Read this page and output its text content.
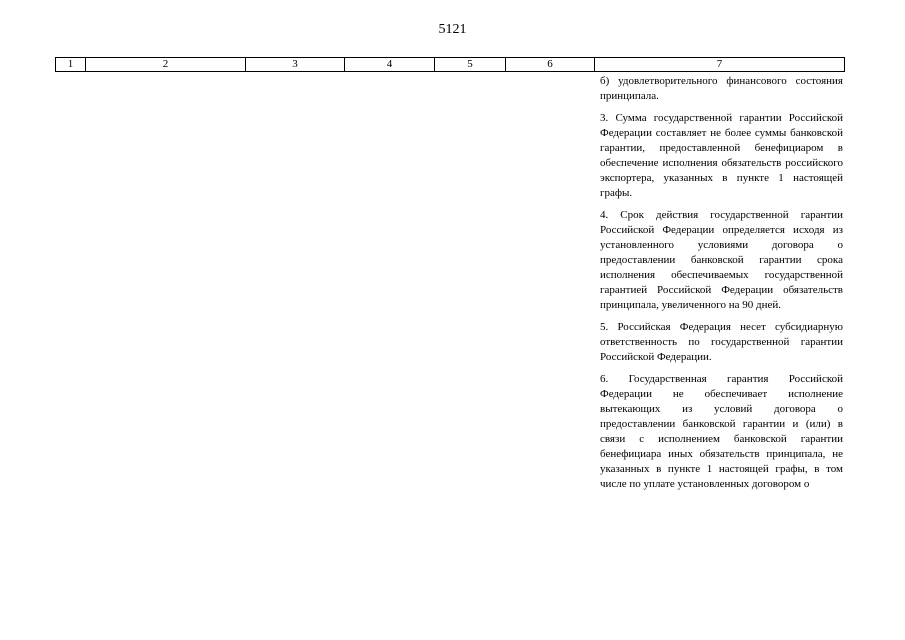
5121
1	2	3	4	5	6	7

б) удовлетворительного финансового состояния принципала.

3. Сумма государственной гарантии Российской Федерации составляет не более суммы банковской гарантии, предоставленной бенефициаром в обеспечение исполнения обязательств российского экспортера, указанных в пункте 1 настоящей графы.

4. Срок действия государственной гарантии Российской Федерации определяется исходя из установленного условиями договора о предоставлении банковской гарантии срока исполнения обеспечиваемых государственной гарантией Российской Федерации обязательств принципала, увеличенного на 90 дней.

5. Российская Федерация несет субсидиарную ответственность по государственной гарантии Российской Федерации.

6. Государственная гарантия Российской Федерации не обеспечивает исполнение вытекающих из условий договора о предоставлении банковской гарантии и (или) в связи с исполнением банковской гарантии бенефициара иных обязательств принципала, не указанных в пункте 1 настоящей графы, в том числе по уплате установленных договором о
